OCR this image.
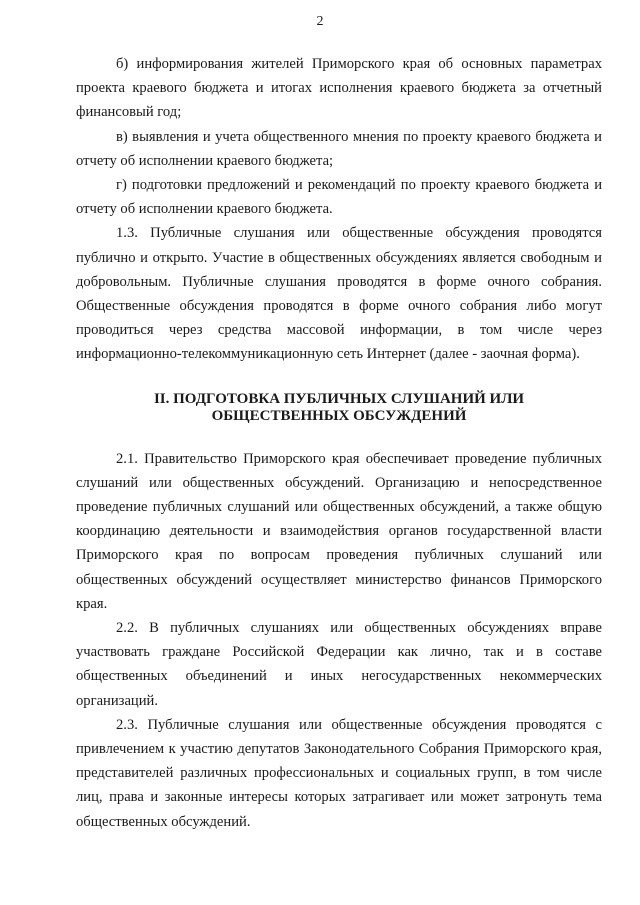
2

б) информирования жителей Приморского края об основных параметрах проекта краевого бюджета и итогах исполнения краевого бюджета за отчетный финансовый год;

в) выявления и учета общественного мнения по проекту краевого бюджета и отчету об исполнении краевого бюджета;

г) подготовки предложений и рекомендаций по проекту краевого бюджета и отчету об исполнении краевого бюджета.

1.3. Публичные слушания или общественные обсуждения проводятся публично и открыто. Участие в общественных обсуждениях является свободным и добровольным. Публичные слушания проводятся в форме очного собрания. Общественные обсуждения проводятся в форме очного собрания либо могут проводиться через средства массовой информации, в том числе через информационно-телекоммуникационную сеть Интернет (далее - заочная форма).

II. ПОДГОТОВКА ПУБЛИЧНЫХ СЛУШАНИЙ ИЛИ
ОБЩЕСТВЕННЫХ ОБСУЖДЕНИЙ

2.1. Правительство Приморского края обеспечивает проведение публичных слушаний или общественных обсуждений. Организацию и непосредственное проведение публичных слушаний или общественных обсуждений, а также общую координацию деятельности и взаимодействия органов государственной власти Приморского края по вопросам проведения публичных слушаний или общественных обсуждений осуществляет министерство финансов Приморского края.

2.2. В публичных слушаниях или общественных обсуждениях вправе участвовать граждане Российской Федерации как лично, так и в составе общественных объединений и иных негосударственных некоммерческих организаций.

2.3. Публичные слушания или общественные обсуждения проводятся с привлечением к участию депутатов Законодательного Собрания Приморского края, представителей различных профессиональных и социальных групп, в том числе лиц, права и законные интересы которых затрагивает или может затронуть тема общественных обсуждений.
